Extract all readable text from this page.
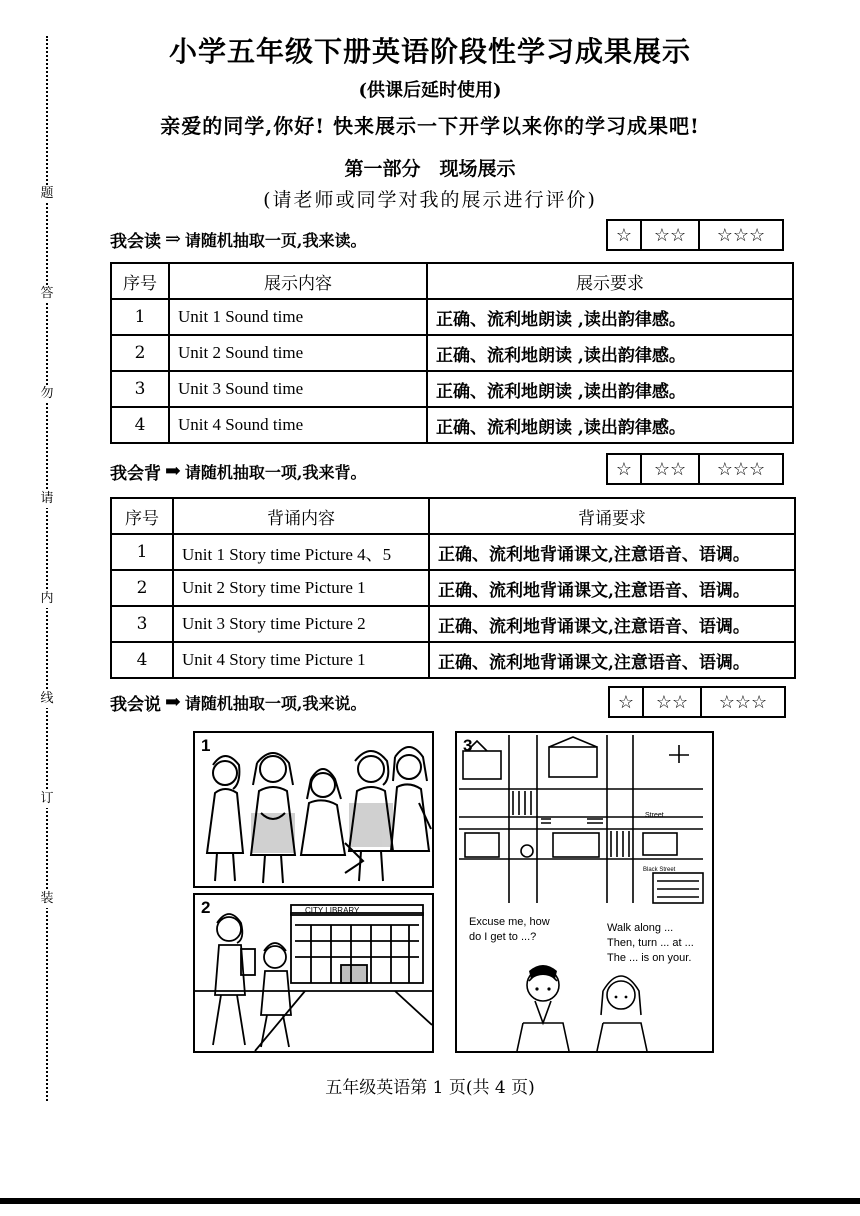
装
订
线
内
请
勿
答
题
小学五年级下册英语阶段性学习成果展示
(供课后延时使用)
亲爱的同学,你好! 快来展示一下开学以来你的学习成果吧!
第一部分　现场展示
(请老师或同学对我的展示进行评价)
我会读 ⇒ 请随机抽取一页,我来读。	☆	☆☆	☆☆☆
序号	展示内容	展示要求
1	Unit 1 Sound time	正确、流利地朗读 ,读出韵律感。
2	Unit 2 Sound time	正确、流利地朗读 ,读出韵律感。
3	Unit 3 Sound time	正确、流利地朗读 ,读出韵律感。
4	Unit 4 Sound time	正确、流利地朗读 ,读出韵律感。
我会背 ➡ 请随机抽取一项,我来背。	☆	☆☆	☆☆☆
序号	背诵内容	背诵要求
1	Unit 1 Story time Picture 4、5	正确、流利地背诵课文,注意语音、语调。
2	Unit 2 Story time Picture 1	正确、流利地背诵课文,注意语音、语调。
3	Unit 3 Story time Picture 2	正确、流利地背诵课文,注意语音、语调。
4	Unit 4 Story time Picture 1	正确、流利地背诵课文,注意语音、语调。
我会说 ➡ 请随机抽取一项,我来说。	☆	☆☆	☆☆☆
1
CITY LIBRARY
2
Street
Black Street
3
Excuse me, how
do I get to ...?
Walk along ...
Then, turn ... at ...
The ... is on your.
五年级英语第 1 页(共 4 页)
